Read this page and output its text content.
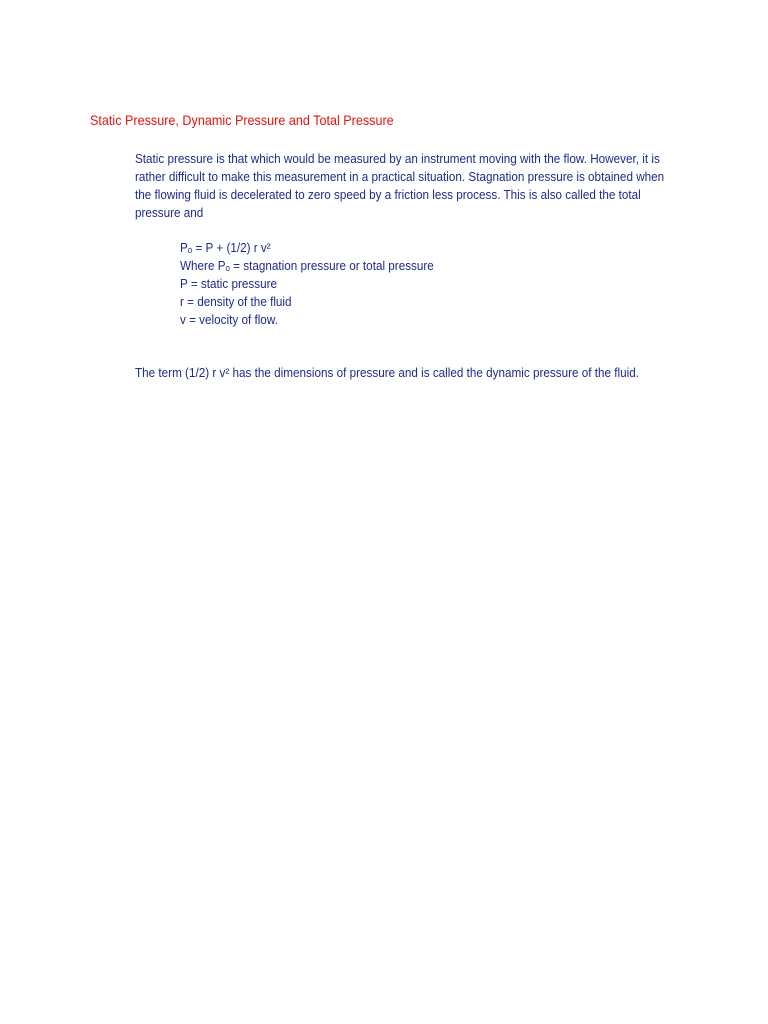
Static Pressure, Dynamic Pressure and Total Pressure
Static pressure is that which would be measured by an instrument moving with the flow. However, it is rather difficult to make this measurement in a practical situation. Stagnation pressure is obtained when the flowing fluid is decelerated to zero speed by a friction less process. This is also called the total pressure and
Pₒ = P + (1/2) r v²
Where Pₒ = stagnation pressure or total pressure
P = static pressure
r = density of the fluid
v = velocity of flow.
The term (1/2) r v² has the dimensions of pressure and is called the dynamic pressure of the fluid.
